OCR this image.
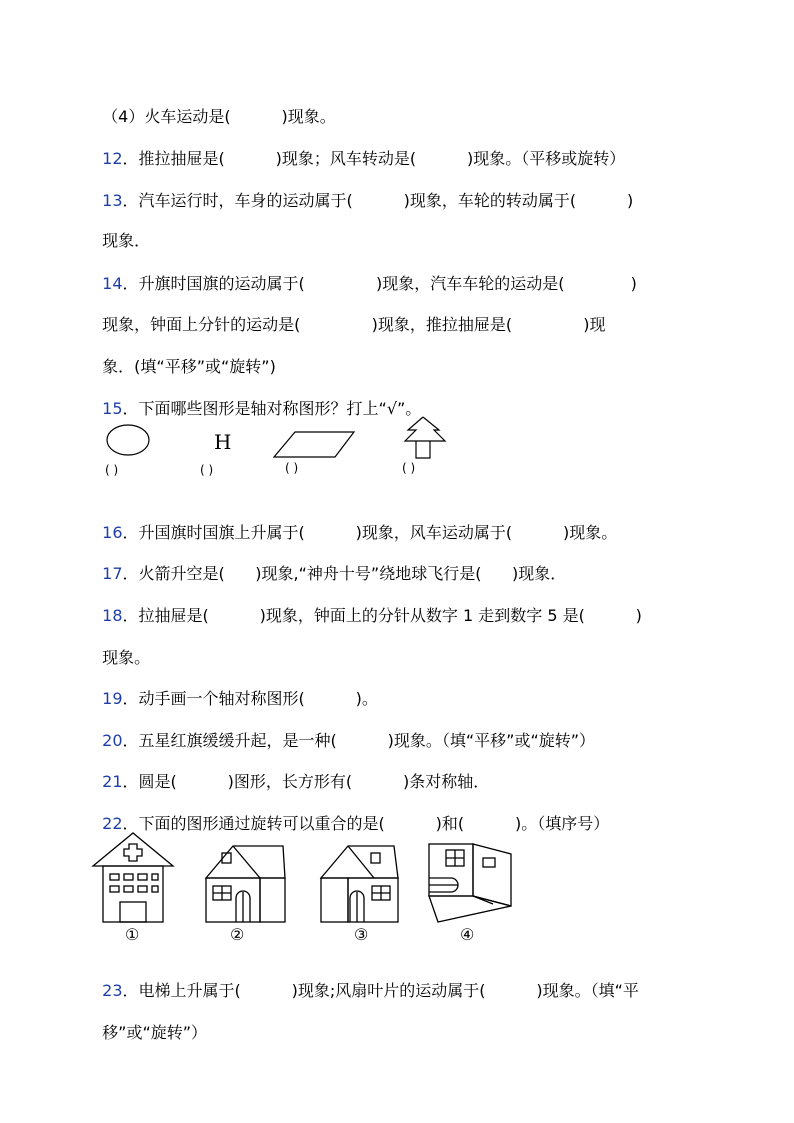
（4）火车运动是(          )现象。

12．推拉抽屉是(          )现象；风车转动是(          )现象。（平移或旋转）

13．汽车运行时，车身的运动属于(          )现象，车轮的转动属于(          )

现象．

14．升旗时国旗的运动属于(              )现象，汽车车轮的运动是(             )

现象，钟面上分针的运动是(              )现象，推拉抽屉是(              )现

象．(填“平移”或“旋转”)

15．下面哪些图形是轴对称图形？打上“√”。

H
( )	( )	( )	( )

16．升国旗时国旗上升属于(          )现象，风车运动属于(          )现象。

17．火箭升空是(      )现象,“神舟十号”绕地球飞行是(      )现象．

18．拉抽屉是(          )现象，钟面上的分针从数字 1 走到数字 5 是(          )

现象。

19．动手画一个轴对称图形(          )。

20．五星红旗缓缓升起，是一种(          )现象。（填“平移”或“旋转”）

21．圆是(          )图形，长方形有(          )条对称轴．

22．下面的图形通过旋转可以重合的是(          )和(          )。（填序号）

①	②	③	④

23．电梯上升属于(          )现象;风扇叶片的运动属于(          )现象。（填“平

移”或“旋转”）
